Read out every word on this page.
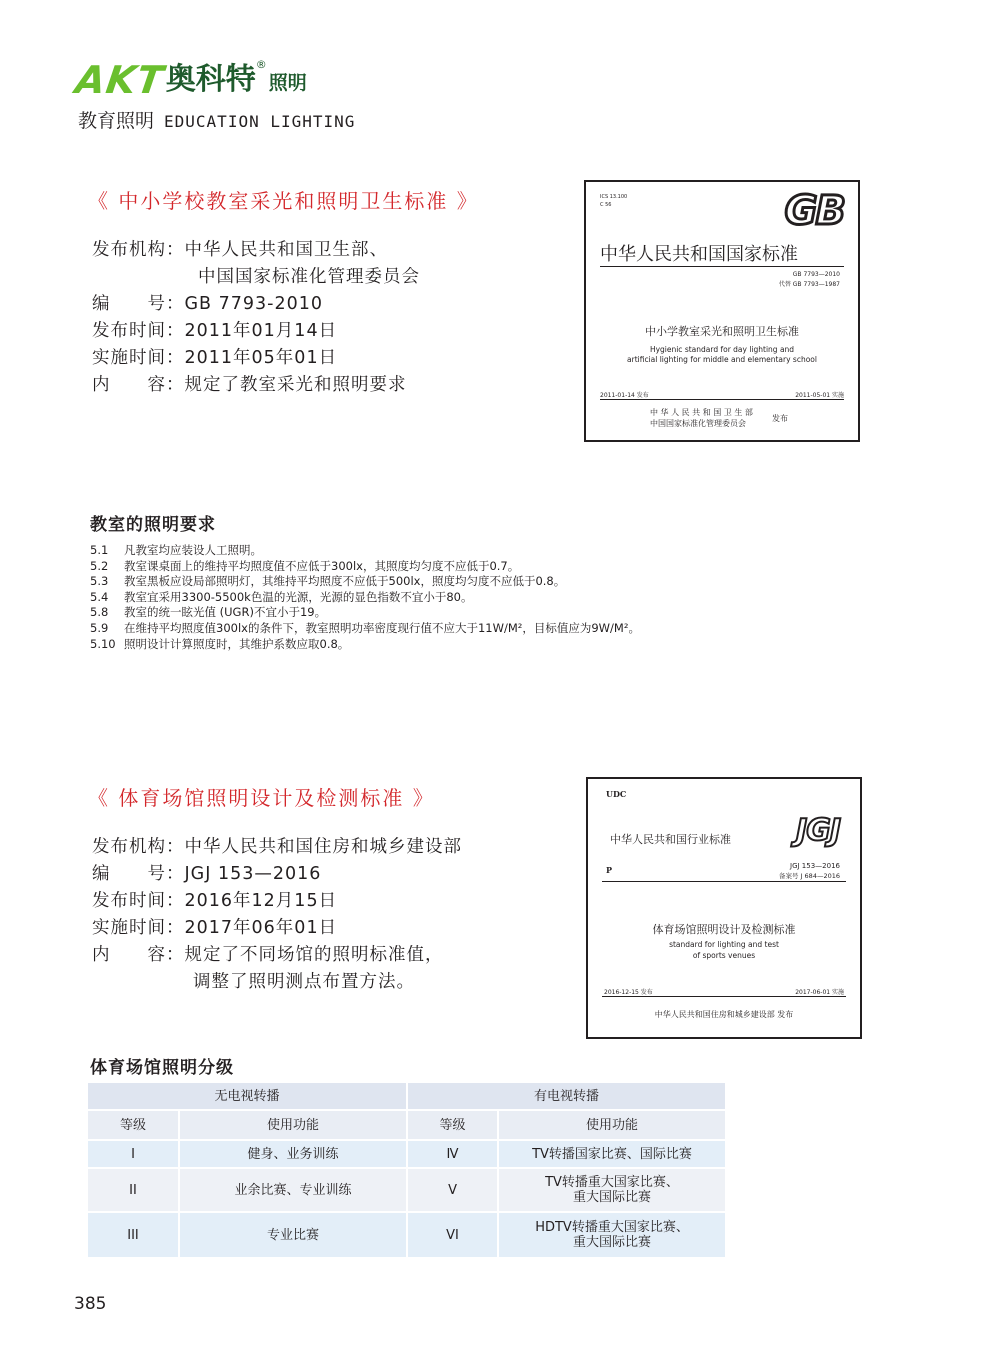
AKT
奥科特 ®
照明
教育照明 EDUCATION LIGHTING
《 中小学校教室采光和照明卫生标准 》
发布机构：中华人民共和国卫生部、
中国国家标准化管理委员会
编　　号：GB 7793-2010
发布时间：2011年01月14日
实施时间：2011年05年01日
内　　容：规定了教室采光和照明要求
ICS 13.100
C 56	GB
中华人民共和国国家标准
GB 7793—2010
代替 GB 7793—1987
中小学教室采光和照明卫生标准
Hygienic standard for day lighting and
artificial lighting for middle and elementary school
2011-01-14 发布	2011-05-01 实施
中 华 人 民 共 和 国 卫 生 部
中国国家标准化管理委员会
发布
教室的照明要求
5.1	凡教室均应装设人工照明。
5.2	教室课桌面上的维持平均照度值不应低于300lx，其照度均匀度不应低于0.7。
5.3	教室黑板应设局部照明灯，其维持平均照度不应低于500lx，照度均匀度不应低于0.8。
5.4	教室宜采用3300-5500k色温的光源，光源的显色指数不宜小于80。
5.8	教室的统一眩光值 (UGR)不宜小于19。
5.9	在维持平均照度值300lx的条件下，教室照明功率密度现行值不应大于11W/M²，目标值应为9W/M²。
5.10 照明设计计算照度时，其维护系数应取0.8。
《 体育场馆照明设计及检测标准 》
发布机构：中华人民共和国住房和城乡建设部
编　　号：JGJ 153—2016
发布时间：2016年12月15日
实施时间：2017年06年01日
内　　容：规定了不同场馆的照明标准值，
调整了照明测点布置方法。
UDC
中华人民共和国行业标准 JGJ
P	JGJ 153—2016
备案号 J 684—2016
体育场馆照明设计及检测标准
standard for lighting and test
of sports venues
2016-12-15 发布	2017-06-01 实施
中华人民共和国住房和城乡建设部 发布
体育场馆照明分级
无电视转播		有电视转播	
等级	使用功能	等级	使用功能
I	健身、业务训练	Ⅳ	TV转播国家比赛、国际比赛

II	业余比赛、专业训练	V	TV转播重大国家比赛、
重大国际比赛

III	专业比赛	VI	HDTV转播重大国家比赛、
重大国际比赛
385
